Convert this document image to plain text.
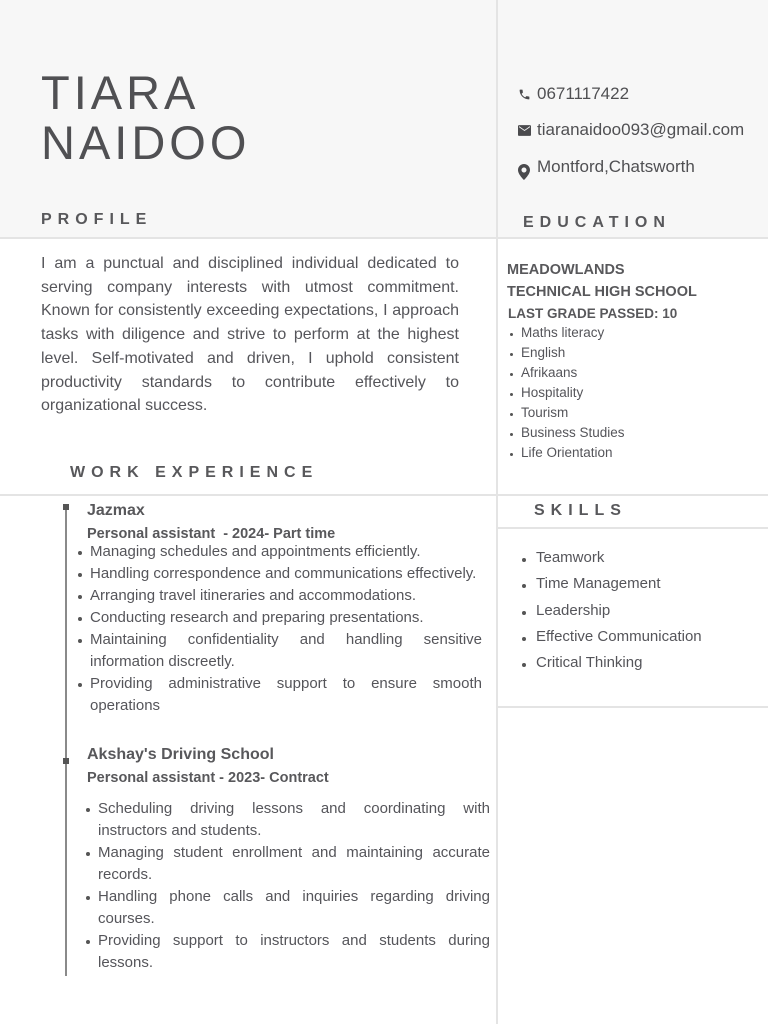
TIARA
NAIDOO
0671117422
tiaranaidoo093@gmail.com
Montford,Chatsworth
PROFILE	EDUCATION
WORK EXPERIENCE
SKILLS

I am a punctual and disciplined individual dedicated to serving company interests with utmost commitment. Known for consistently exceeding expectations, I approach tasks with diligence and strive to perform at the highest level. Self-motivated and driven, I uphold consistent productivity standards to contribute effectively to organizational success.

MEADOWLANDS
TECHNICAL HIGH SCHOOL

LAST GRADE PASSED: 10

Maths literacy
English
Afrikaans
Hospitality
Tourism
Business Studies
Life Orientation
Teamwork
Time Management
Leadership
Effective Communication
Critical Thinking
Jazmax

Personal assistant  - 2024- Part time

Managing schedules and appointments efficiently.
Handling correspondence and communications effectively.
Arranging travel itineraries and accommodations.
Conducting research and preparing presentations.
Maintaining confidentiality and handling sensitive information discreetly.
Providing administrative support to ensure smooth operations
Akshay's Driving School

Personal assistant - 2023- Contract

Scheduling driving lessons and coordinating with instructors and students.
Managing student enrollment and maintaining accurate records.
Handling phone calls and inquiries regarding driving courses.
Providing support to instructors and students during lessons.
